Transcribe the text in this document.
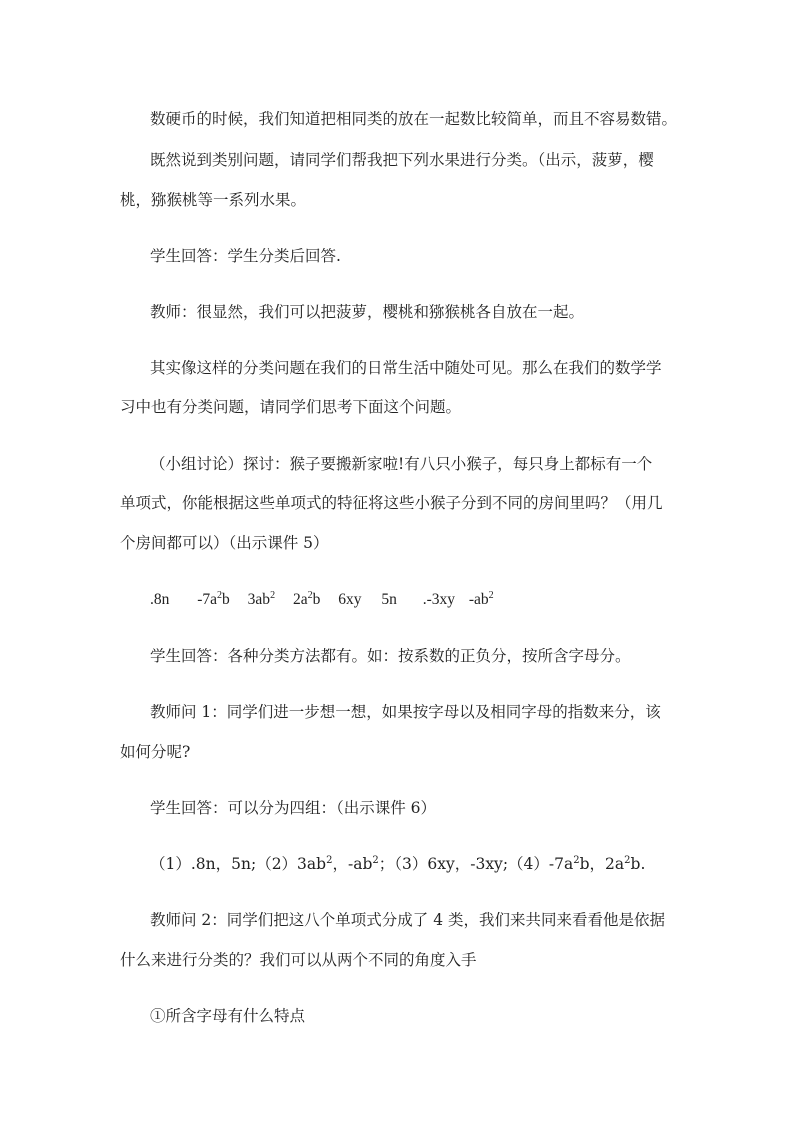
数硬币的时候，我们知道把相同类的放在一起数比较简单，而且不容易数错。
既然说到类别问题，请同学们帮我把下列水果进行分类。（出示，菠萝，樱
桃，猕猴桃等一系列水果。
学生回答：学生分类后回答.
教师：很显然，我们可以把菠萝，樱桃和猕猴桃各自放在一起。
其实像这样的分类问题在我们的日常生活中随处可见。那么在我们的数学学
习中也有分类问题，请同学们思考下面这个问题。
（小组讨论）探讨：猴子要搬新家啦!有八只小猴子，每只身上都标有一个
单项式，你能根据这些单项式的特征将这些小猴子分到不同的房间里吗？（用几
个房间都可以）（出示课件 5）
.8n $-7a^2b$ $3ab^2$ $2a^2b$ 6xy 5n .-3xy $-ab^2$
学生回答：各种分类方法都有。如：按系数的正负分，按所含字母分。
教师问 1：同学们进一步想一想，如果按字母以及相同字母的指数来分，该
如何分呢?
学生回答：可以分为四组：（出示课件 6）
（1）.8n，$5n;(2)3ab^2$，$-ab^2$；（3）6xy，$-3xy;(4)-7a^2b$，$2a^2b$.
教师问 2：同学们把这八个单项式分成了 4 类，我们来共同来看看他是依据
什么来进行分类的？我们可以从两个不同的角度入手
①所含字母有什么特点
